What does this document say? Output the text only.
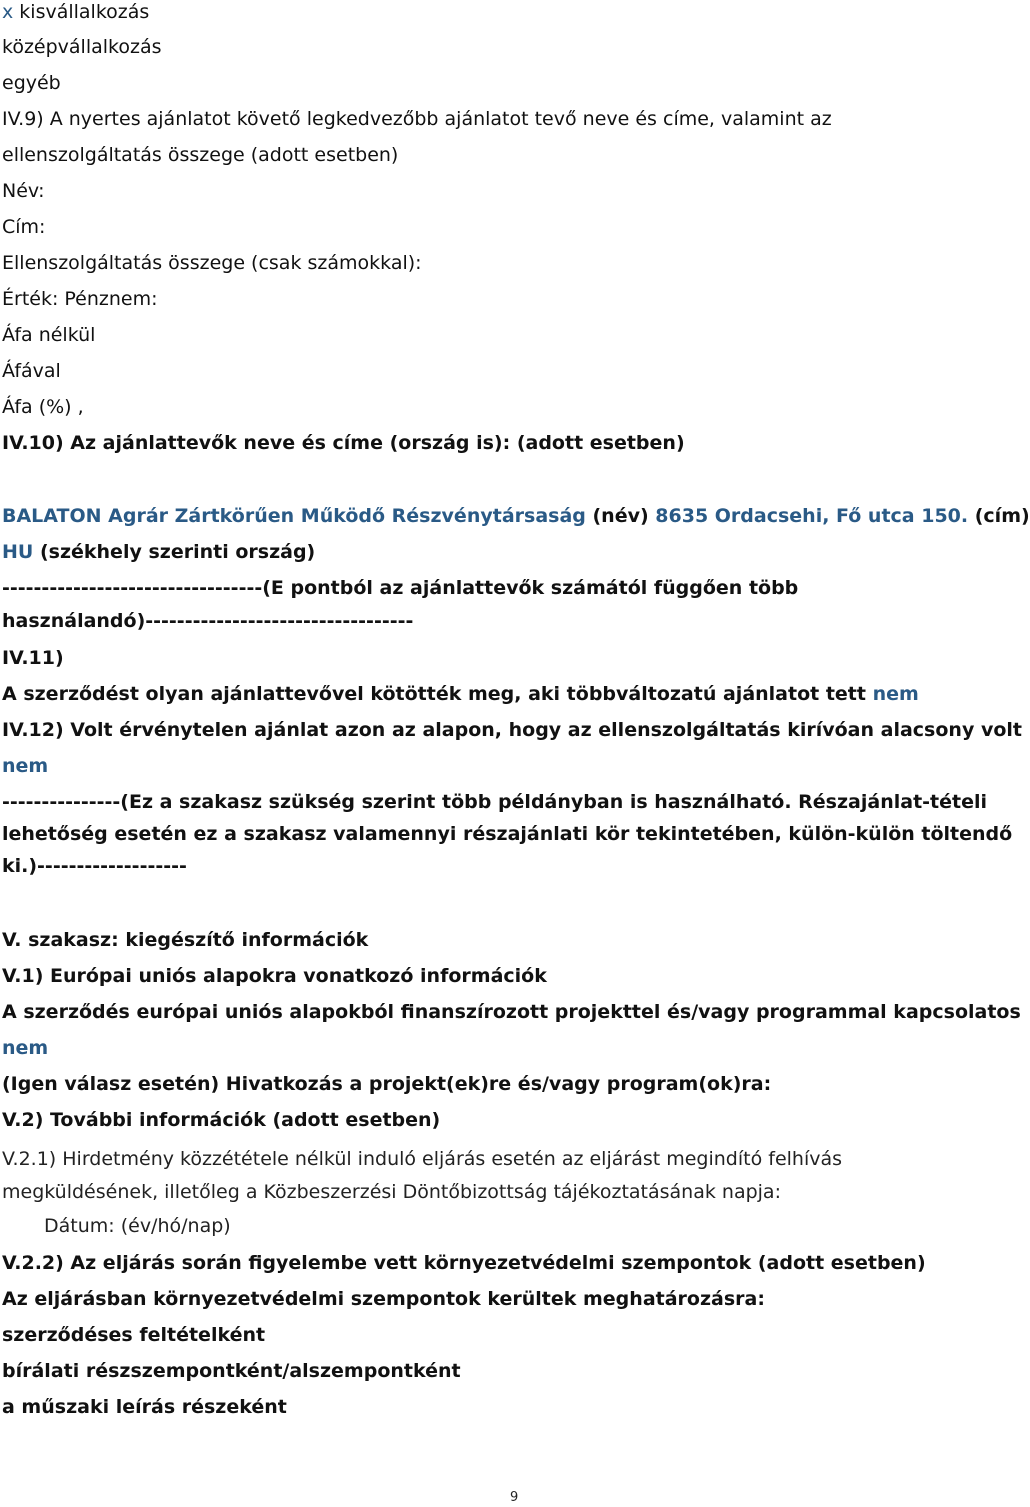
x kisvállalkozás
középvállalkozás
egyéb
IV.9) A nyertes ajánlatot követő legkedvezőbb ajánlatot tevő neve és címe, valamint az
ellenszolgáltatás összege (adott esetben)
Név:
Cím:
Ellenszolgáltatás összege (csak számokkal):
Érték: Pénznem:
Áfa nélkül
Áfával
Áfa (%) ,
IV.10) Az ajánlattevők neve és címe (ország is): (adott esetben)
BALATON Agrár Zártkörűen Működő Részvénytársaság (név) 8635 Ordacsehi, Fő utca 150. (cím)
HU (székhely szerinti ország)
---------------------------------(E pontból az ajánlattevők számától függően több
használandó)----------------------------------
IV.11)
A szerződést olyan ajánlattevővel kötötték meg, aki többváltozatú ajánlatot tett nem
IV.12) Volt érvénytelen ajánlat azon az alapon, hogy az ellenszolgáltatás kirívóan alacsony volt
nem
---------------(Ez a szakasz szükség szerint több példányban is használható. Részajánlat-tételi
lehetőség esetén ez a szakasz valamennyi részajánlati kör tekintetében, külön-külön töltendő
ki.)-------------------
V. szakasz: kiegészítő információk
V.1) Európai uniós alapokra vonatkozó információk
A szerződés európai uniós alapokból finanszírozott projekttel és/vagy programmal kapcsolatos
nem
(Igen válasz esetén) Hivatkozás a projekt(ek)re és/vagy program(ok)ra:
V.2) További információk (adott esetben)
V.2.1) Hirdetmény közzététele nélkül induló eljárás esetén az eljárást megindító felhívás
megküldésének, illetőleg a Közbeszerzési Döntőbizottság tájékoztatásának napja:
Dátum: (év/hó/nap)
V.2.2) Az eljárás során figyelembe vett környezetvédelmi szempontok (adott esetben)
Az eljárásban környezetvédelmi szempontok kerültek meghatározásra:
szerződéses feltételként
bírálati részszempontként/alszempontként
a műszaki leírás részeként
9
